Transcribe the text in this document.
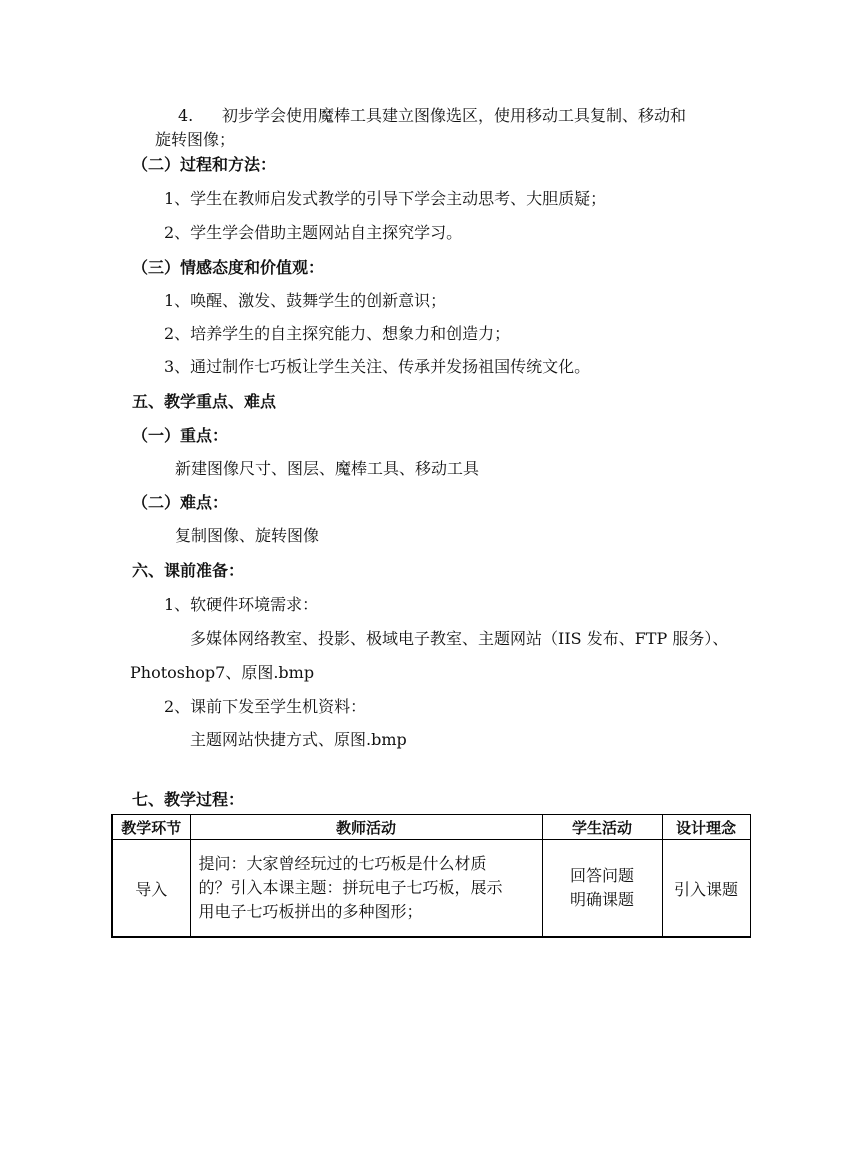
4. 初步学会使用魔棒工具建立图像选区，使用移动工具复制、移动和
旋转图像；
（二）过程和方法：
1、学生在教师启发式教学的引导下学会主动思考、大胆质疑；
2、学生学会借助主题网站自主探究学习。
（三）情感态度和价值观：
1、唤醒、激发、鼓舞学生的创新意识；
2、培养学生的自主探究能力、想象力和创造力；
3、通过制作七巧板让学生关注、传承并发扬祖国传统文化。
五、教学重点、难点
（一）重点：
新建图像尺寸、图层、魔棒工具、移动工具
（二）难点：
复制图像、旋转图像
六、课前准备：
1、软硬件环境需求：
多媒体网络教室、投影、极域电子教室、主题网站（IIS 发布、FTP 服务）、
Photoshop7、原图.bmp
2、课前下发至学生机资料：
主题网站快捷方式、原图.bmp
七、教学过程：
教学环节	教师活动	学生活动	设计理念
导入	提问：大家曾经玩过的七巧板是什么材质
的？引入本课主题：拼玩电子七巧板，展示
用电子七巧板拼出的多种图形；	回答问题
明确课题	引入课题
